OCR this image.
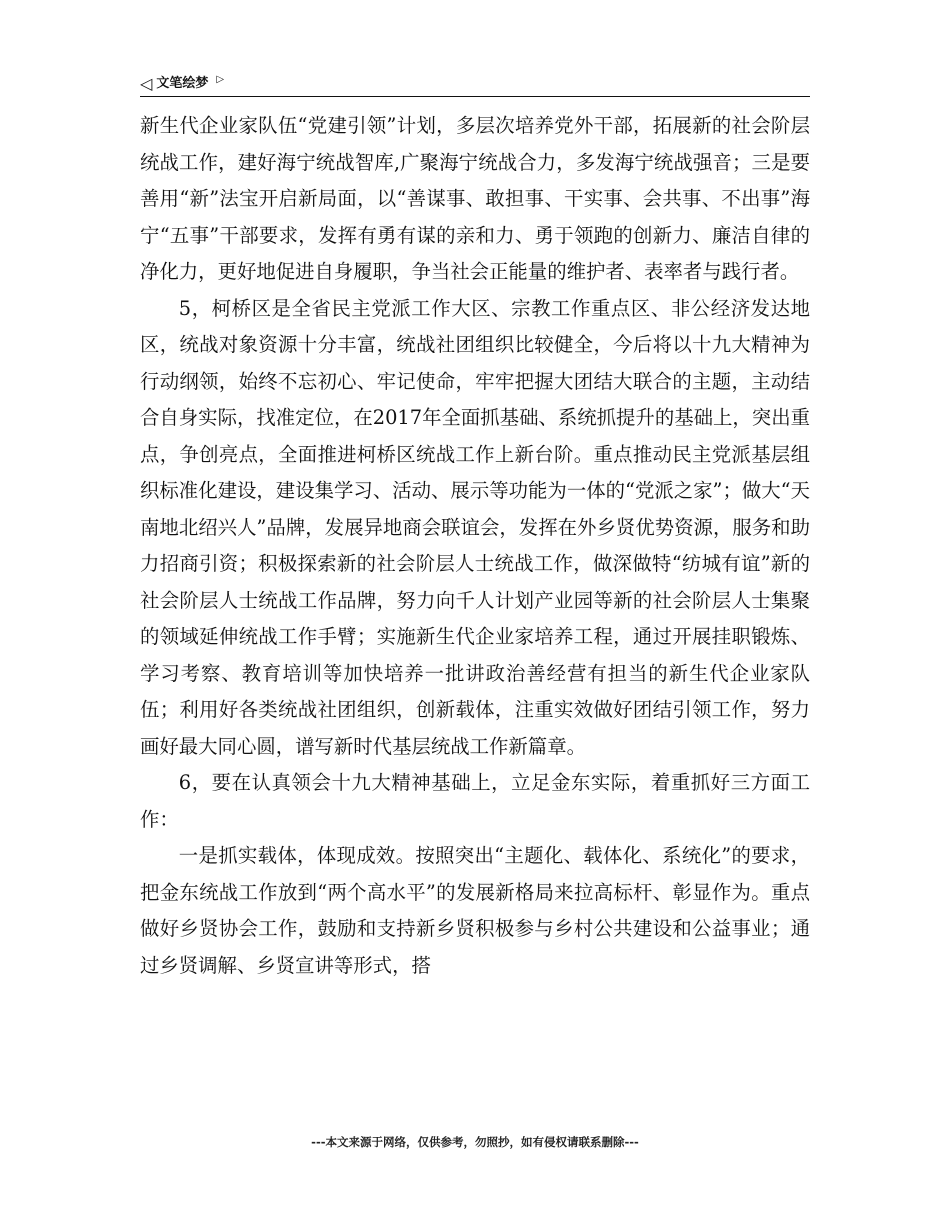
◁ 文笔绘梦 ▷

新生代企业家队伍“党建引领”计划，多层次培养党外干部，拓展新的社会阶层统战工作，建好海宁统战智库,广聚海宁统战合力，多发海宁统战强音；三是要善用“新”法宝开启新局面，以“善谋事、敢担事、干实事、会共事、不出事”海宁“五事”干部要求，发挥有勇有谋的亲和力、勇于领跑的创新力、廉洁自律的净化力，更好地促进自身履职，争当社会正能量的维护者、表率者与践行者。

5，柯桥区是全省民主党派工作大区、宗教工作重点区、非公经济发达地区，统战对象资源十分丰富，统战社团组织比较健全，今后将以十九大精神为行动纲领，始终不忘初心、牢记使命，牢牢把握大团结大联合的主题，主动结合自身实际，找准定位，在2017年全面抓基础、系统抓提升的基础上，突出重点，争创亮点，全面推进柯桥区统战工作上新台阶。重点推动民主党派基层组织标准化建设，建设集学习、活动、展示等功能为一体的“党派之家”；做大“天南地北绍兴人”品牌，发展异地商会联谊会，发挥在外乡贤优势资源，服务和助力招商引资；积极探索新的社会阶层人士统战工作，做深做特“纺城有谊”新的社会阶层人士统战工作品牌，努力向千人计划产业园等新的社会阶层人士集聚的领域延伸统战工作手臂；实施新生代企业家培养工程，通过开展挂职锻炼、学习考察、教育培训等加快培养一批讲政治善经营有担当的新生代企业家队伍；利用好各类统战社团组织，创新载体，注重实效做好团结引领工作，努力画好最大同心圆，谱写新时代基层统战工作新篇章。

6，要在认真领会十九大精神基础上，立足金东实际，着重抓好三方面工作：

一是抓实载体，体现成效。按照突出“主题化、载体化、系统化”的要求，把金东统战工作放到“两个高水平”的发展新格局来拉高标杆、彰显作为。重点做好乡贤协会工作，鼓励和支持新乡贤积极参与乡村公共建设和公益事业；通过乡贤调解、乡贤宣讲等形式，搭

---本文来源于网络，仅供参考，勿照抄，如有侵权请联系删除---
